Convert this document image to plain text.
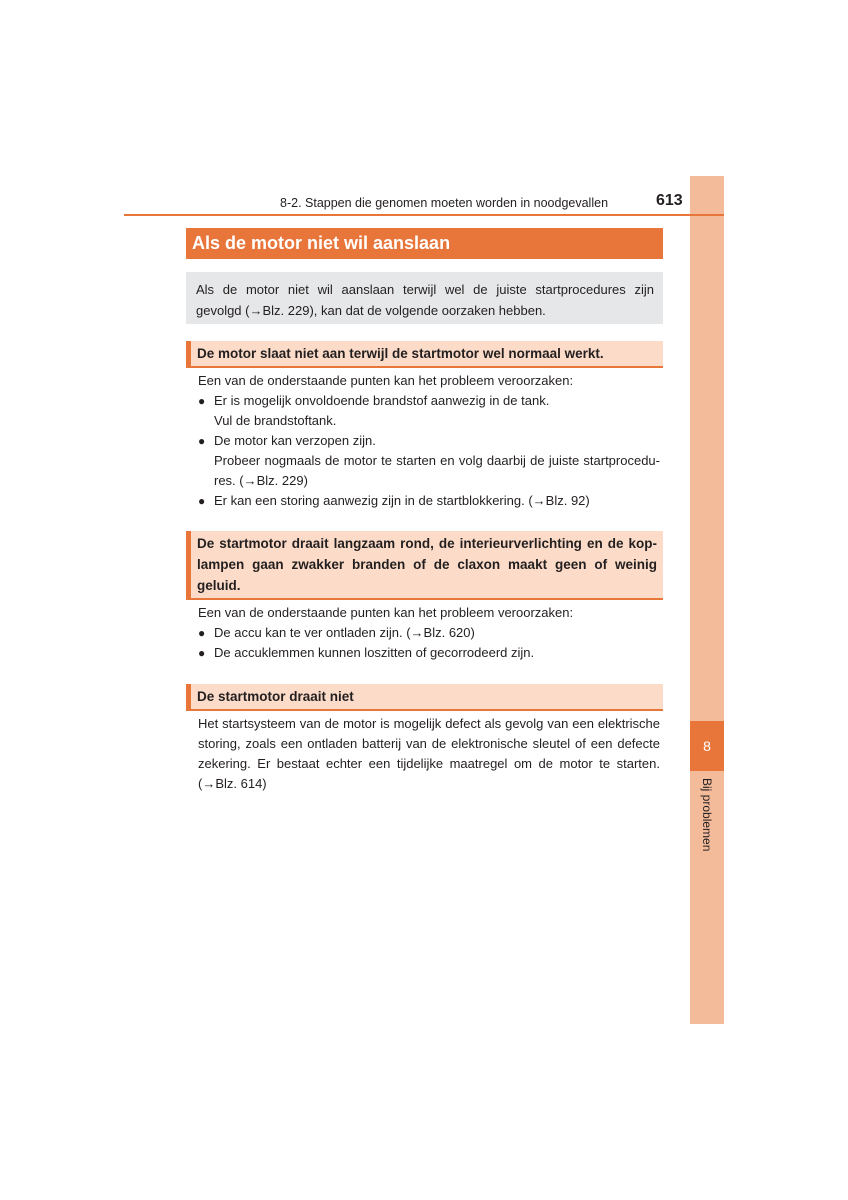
8
Bij problemen
8-2. Stappen die genomen moeten worden in noodgevallen	613
Als de motor niet wil aanslaan
Als de motor niet wil aanslaan terwijl wel de juiste startprocedures zijn
gevolgd (→Blz. 229), kan dat de volgende oorzaken hebben.
De motor slaat niet aan terwijl de startmotor wel normaal werkt.

Een van de onderstaande punten kan het probleem veroorzaken:

● Er is mogelijk onvoldoende brandstof aanwezig in de tank.
Vul de brandstoftank.
● De motor kan verzopen zijn.
Probeer nogmaals de motor te starten en volg daarbij de juiste startprocedu-
res. (→Blz. 229)
● Er kan een storing aanwezig zijn in de startblokkering. (→Blz. 92)
De startmotor draait langzaam rond, de interieurverlichting en de kop-
lampen gaan zwakker branden of de claxon maakt geen of weinig
geluid.

Een van de onderstaande punten kan het probleem veroorzaken:

● De accu kan te ver ontladen zijn. (→Blz. 620)
● De accuklemmen kunnen loszitten of gecorrodeerd zijn.
De startmotor draait niet
Het startsysteem van de motor is mogelijk defect als gevolg van een elektrische
storing, zoals een ontladen batterij van de elektronische sleutel of een defecte
zekering. Er bestaat echter een tijdelijke maatregel om de motor te starten.
(→Blz. 614)
